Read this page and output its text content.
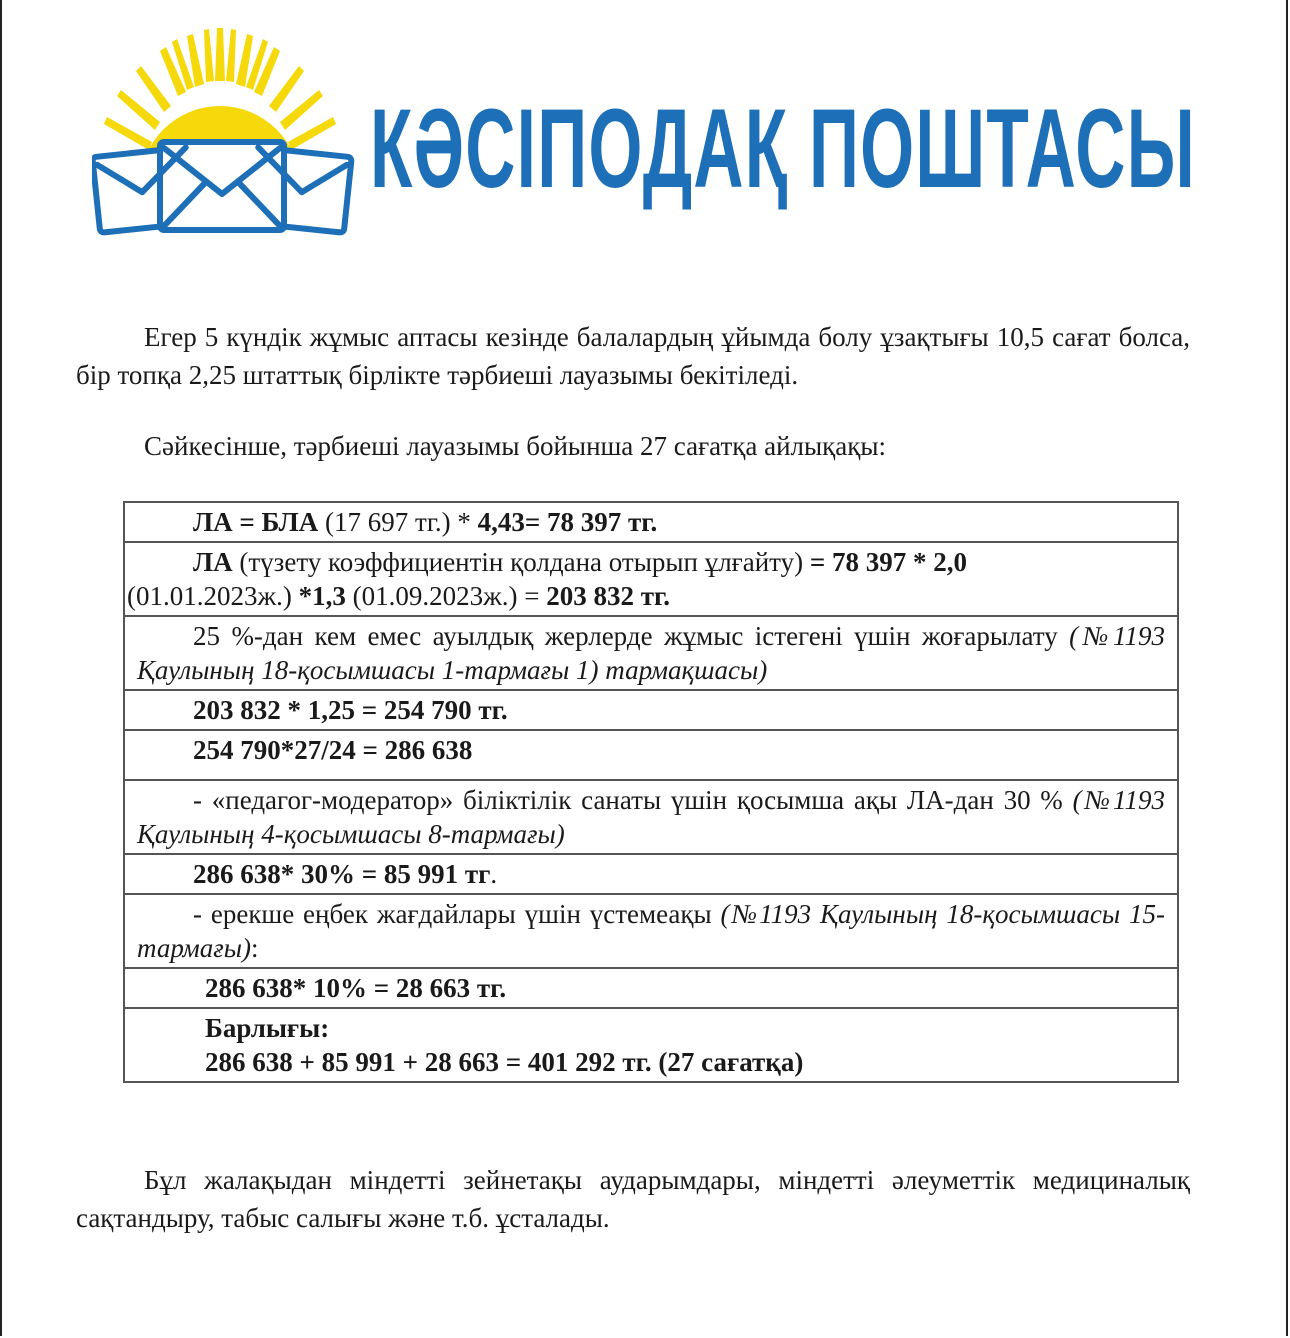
КӘСІПОДАҚ ПОШТАСЫ
Егер 5 күндік жұмыс аптасы кезінде балалардың ұйымда болу ұзақтығы 10,5 сағат болса, бір топқа 2,25 штаттық бірлікте тәрбиеші лауазымы бекітіледі.
Сәйкесінше, тәрбиеші лауазымы бойынша 27 сағатқа айлықақы:
ЛА = БЛА (17 697 тг.) * 4,43= 78 397 тг.

ЛА (түзету коэффициентін қолдана отырып ұлғайту) = 78 397 * 2,0
(01.01.2023ж.) *1,3 (01.09.2023ж.) = 203 832 тг.

25 %-дан кем емес ауылдық жерлерде жұмыс істегені үшін жоғарылату (№1193 Қаулының 18-қосымшасы 1-тармағы 1) тармақшасы)

203 832 * 1,25 = 254 790 тг.

254 790*27/24 = 286 638

- «педагог-модератор» біліктілік санаты үшін қосымша ақы ЛА-дан 30 % (№1193 Қаулының 4-қосымшасы 8-тармағы)

286 638* 30% = 85 991 тг.

- ерекше еңбек жағдайлары үшін үстемеақы (№1193 Қаулының 18-қосымшасы 15-тармағы):

286 638* 10% = 28 663 тг.

Барлығы:
286 638 + 85 991 + 28 663 = 401 292 тг. (27 сағатқа)
Бұл жалақыдан міндетті зейнетақы аударымдары, міндетті әлеуметтік медициналық сақтандыру, табыс салығы және т.б. ұсталады.
